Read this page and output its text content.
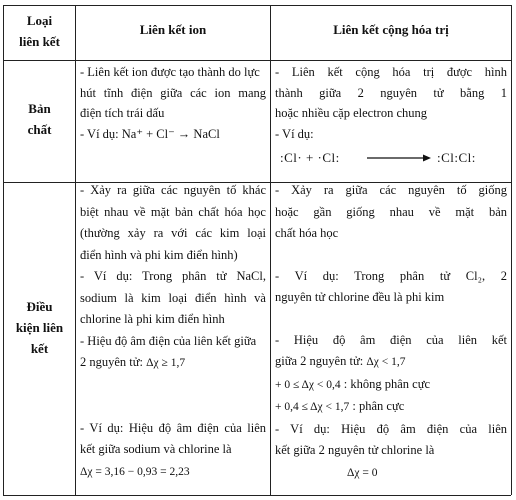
Loại
liên kết
Liên kết ion	Liên kết cộng hóa trị
Bản
chất

- Liên kết ion được tạo thành do lực

hút tĩnh điện giữa các ion mang

điện tích trái dấu

- Ví dụ: Na⁺ + Cl⁻ → NaCl

- Liên kết cộng hóa trị được hình

thành giữa 2 nguyên tử bằng 1

hoặc nhiều cặp electron chung

- Ví dụ:

:Cl· + ·Cl:	:Cl:Cl:
Điều
kiện liên
kết

- Xảy ra giữa các nguyên tố khác

biệt nhau về mặt bản chất hóa học

(thường xảy ra với các kim loại

điển hình và phi kim điển hình)

- Ví dụ: Trong phân tử NaCl,

sodium là kim loại điển hình và

chlorine là phi kim điển hình

- Hiệu độ âm điện của liên kết giữa

2 nguyên tử: Δχ ≥ 1,7

- Ví dụ: Hiệu độ âm điện của liên

kết giữa sodium và chlorine là

Δχ = 3,16 − 0,93 = 2,23

- Xảy ra giữa các nguyên tố giống

hoặc gần giống nhau về mặt bản

chất hóa học

- Ví dụ: Trong phân tử Cl₂, 2

nguyên tử chlorine đều là phi kim

- Hiệu độ âm điện của liên kết

giữa 2 nguyên tử: Δχ < 1,7

+ 0 ≤ Δχ < 0,4 : không phân cực

+ 0,4 ≤ Δχ < 1,7 : phân cực

- Ví dụ: Hiệu độ âm điện của liên

kết giữa 2 nguyên tử chlorine là

Δχ = 0
